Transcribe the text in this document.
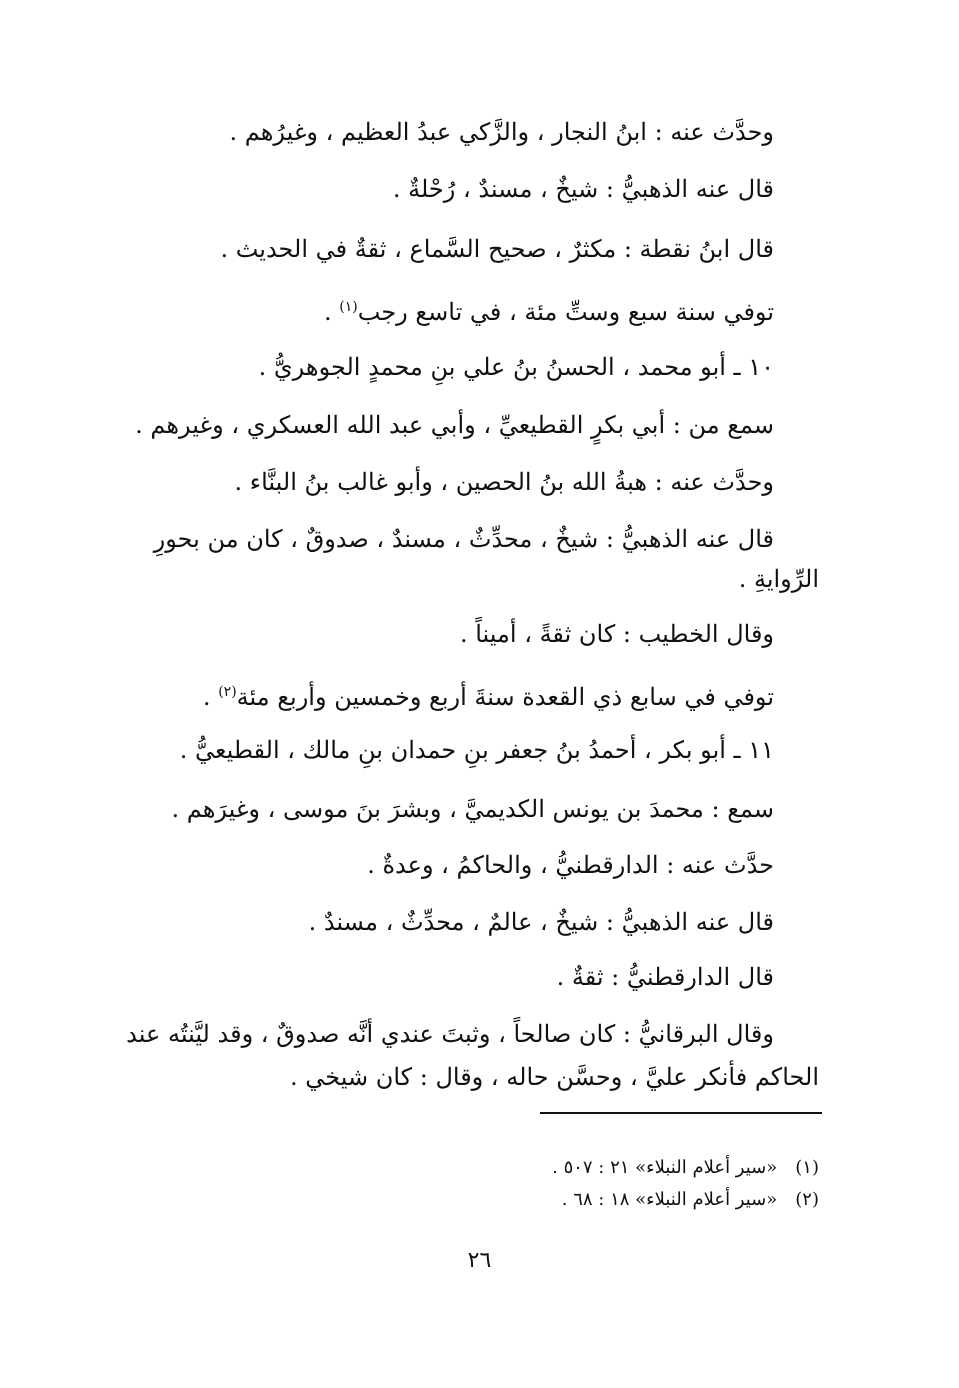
وحدَّث عنه : ابنُ النجار ، والزَّكي عبدُ العظيم ، وغيرُهم .
قال عنه الذهبيُّ : شيخٌ ، مسندٌ ، رُحْلةٌ .
قال ابنُ نقطة : مكثرٌ ، صحيح السَّماع ، ثقةٌ في الحديث .
توفي سنة سبع وستِّ مئة ، في تاسع رجب$^{(١)}$ .
١٠ ـ أبو محمد ، الحسنُ بنُ علي بنِ محمدٍ الجوهريُّ .
سمع من : أبي بكرٍ القطيعيِّ ، وأبي عبد الله العسكري ، وغيرهم .
وحدَّث عنه : هبةُ الله بنُ الحصين ، وأبو غالب بنُ البنَّاء .
قال عنه الذهبيُّ : شيخٌ ، محدِّثٌ ، مسندٌ ، صدوقٌ ، كان من بحورِ
الرِّوايةِ .
وقال الخطيب : كان ثقةً ، أميناً .
توفي في سابع ذي القعدة سنةَ أربع وخمسين وأربع مئة$^{(٢)}$ .
١١ ـ أبو بكر ، أحمدُ بنُ جعفر بنِ حمدان بنِ مالك ، القطيعيُّ .
سمع : محمدَ بن يونس الكديميَّ ، وبشرَ بنَ موسى ، وغيرَهم .
حدَّث عنه : الدارقطنيُّ ، والحاكمُ ، وعدةٌ .
قال عنه الذهبيُّ : شيخٌ ، عالمٌ ، محدِّثٌ ، مسندٌ .
قال الدارقطنيُّ : ثقةٌ .
وقال البرقانيُّ : كان صالحاً ، وثبتَ عندي أنَّه صدوقٌ ، وقد ليَّنتُه عند
الحاكم فأنكر عليَّ ، وحسَّن حاله ، وقال : كان شيخي .
(١) «سير أعلام النبلاء» ٢١ : ٥٠٧ .
(٢) «سير أعلام النبلاء» ١٨ : ٦٨ .
٢٦
